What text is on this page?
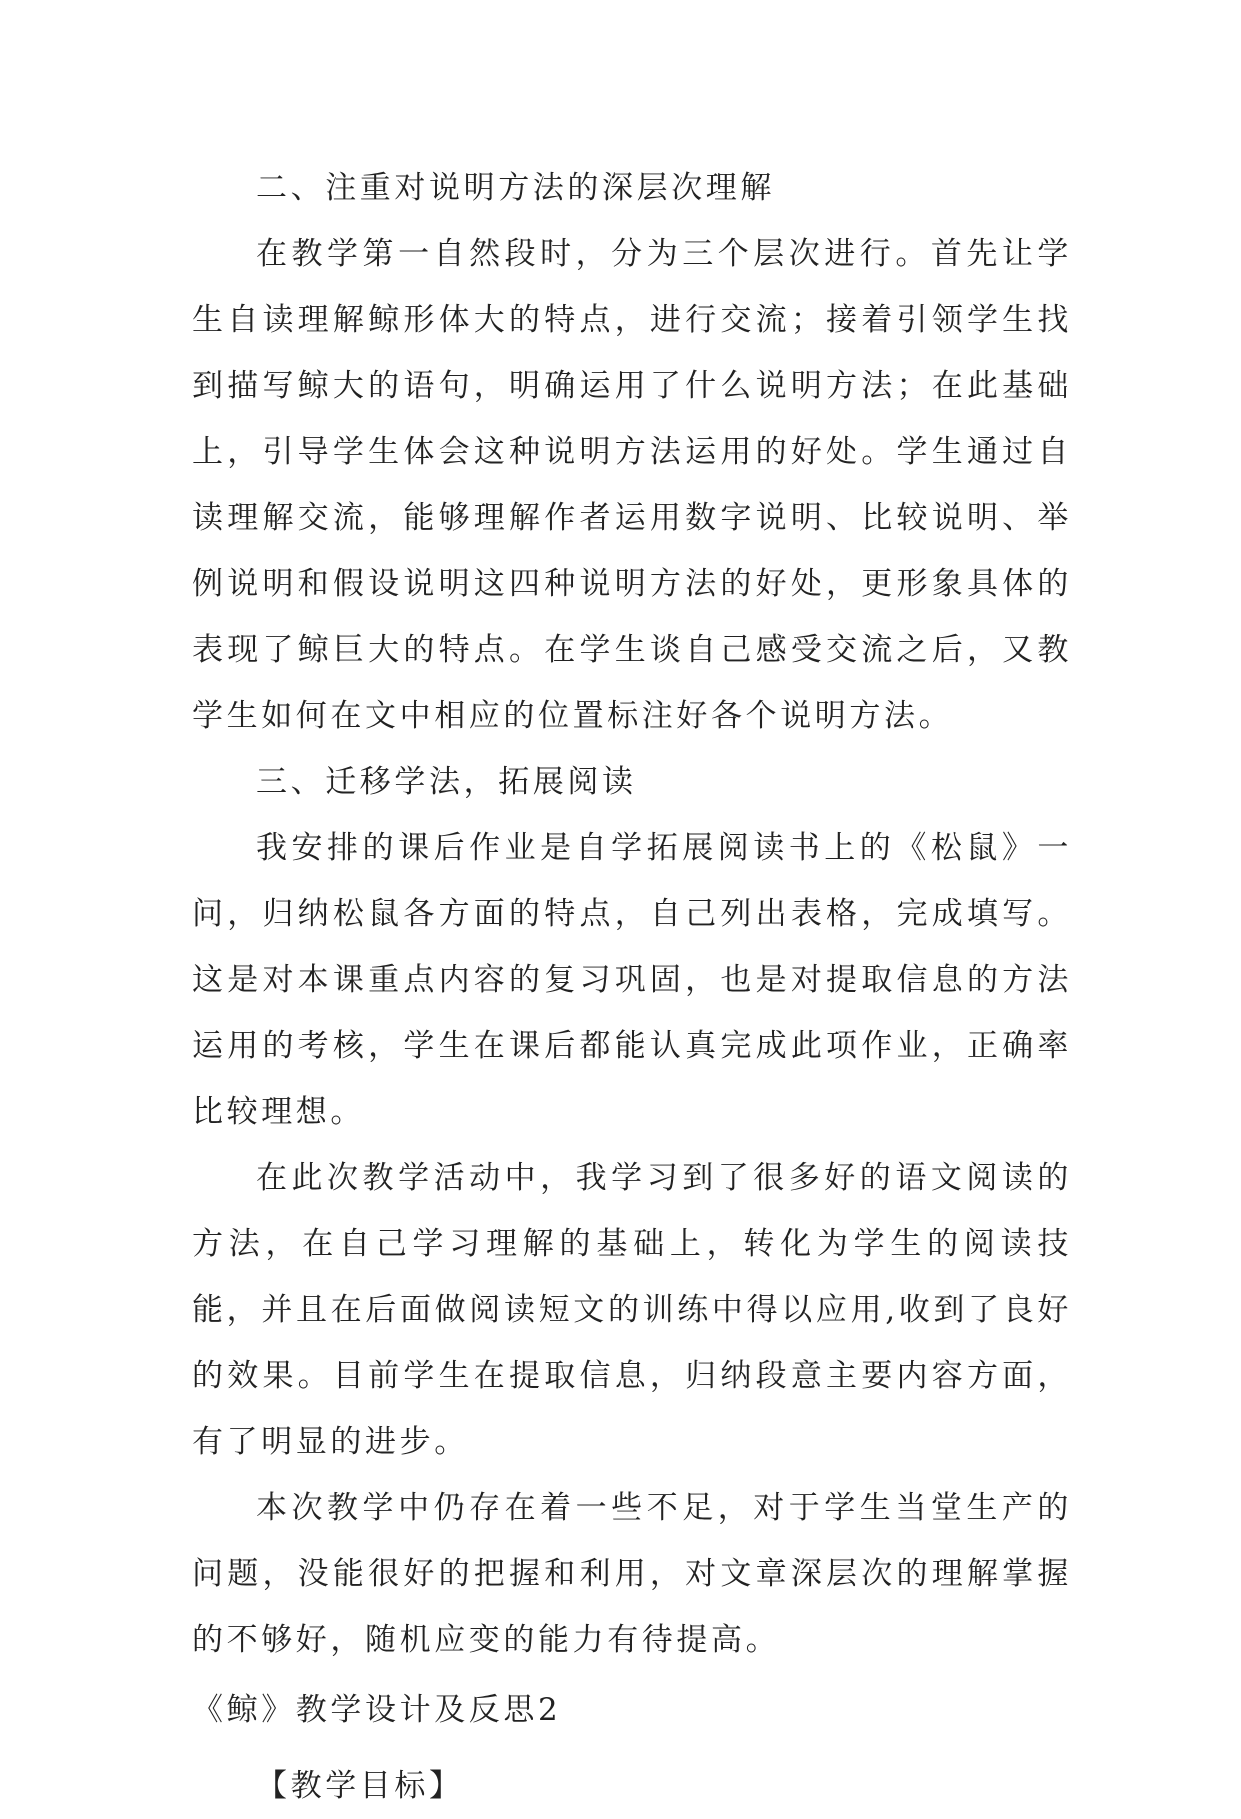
二、注重对说明方法的深层次理解

在教学第一自然段时，分为三个层次进行。首先让学生自读理解鲸形体大的特点，进行交流；接着引领学生找到描写鲸大的语句，明确运用了什么说明方法；在此基础上，引导学生体会这种说明方法运用的好处。学生通过自读理解交流，能够理解作者运用数字说明、比较说明、举例说明和假设说明这四种说明方法的好处，更形象具体的表现了鲸巨大的特点。在学生谈自己感受交流之后，又教学生如何在文中相应的位置标注好各个说明方法。

三、迁移学法，拓展阅读

我安排的课后作业是自学拓展阅读书上的《松鼠》一问，归纳松鼠各方面的特点，自己列出表格，完成填写。这是对本课重点内容的复习巩固，也是对提取信息的方法运用的考核，学生在课后都能认真完成此项作业，正确率比较理想。

在此次教学活动中，我学习到了很多好的语文阅读的方法，在自己学习理解的基础上，转化为学生的阅读技能，并且在后面做阅读短文的训练中得以应用,收到了良好的效果。目前学生在提取信息，归纳段意主要内容方面，有了明显的进步。

本次教学中仍存在着一些不足，对于学生当堂生产的问题，没能很好的把握和利用，对文章深层次的理解掌握的不够好，随机应变的能力有待提高。

《鲸》教学设计及反思2

【教学目标】
